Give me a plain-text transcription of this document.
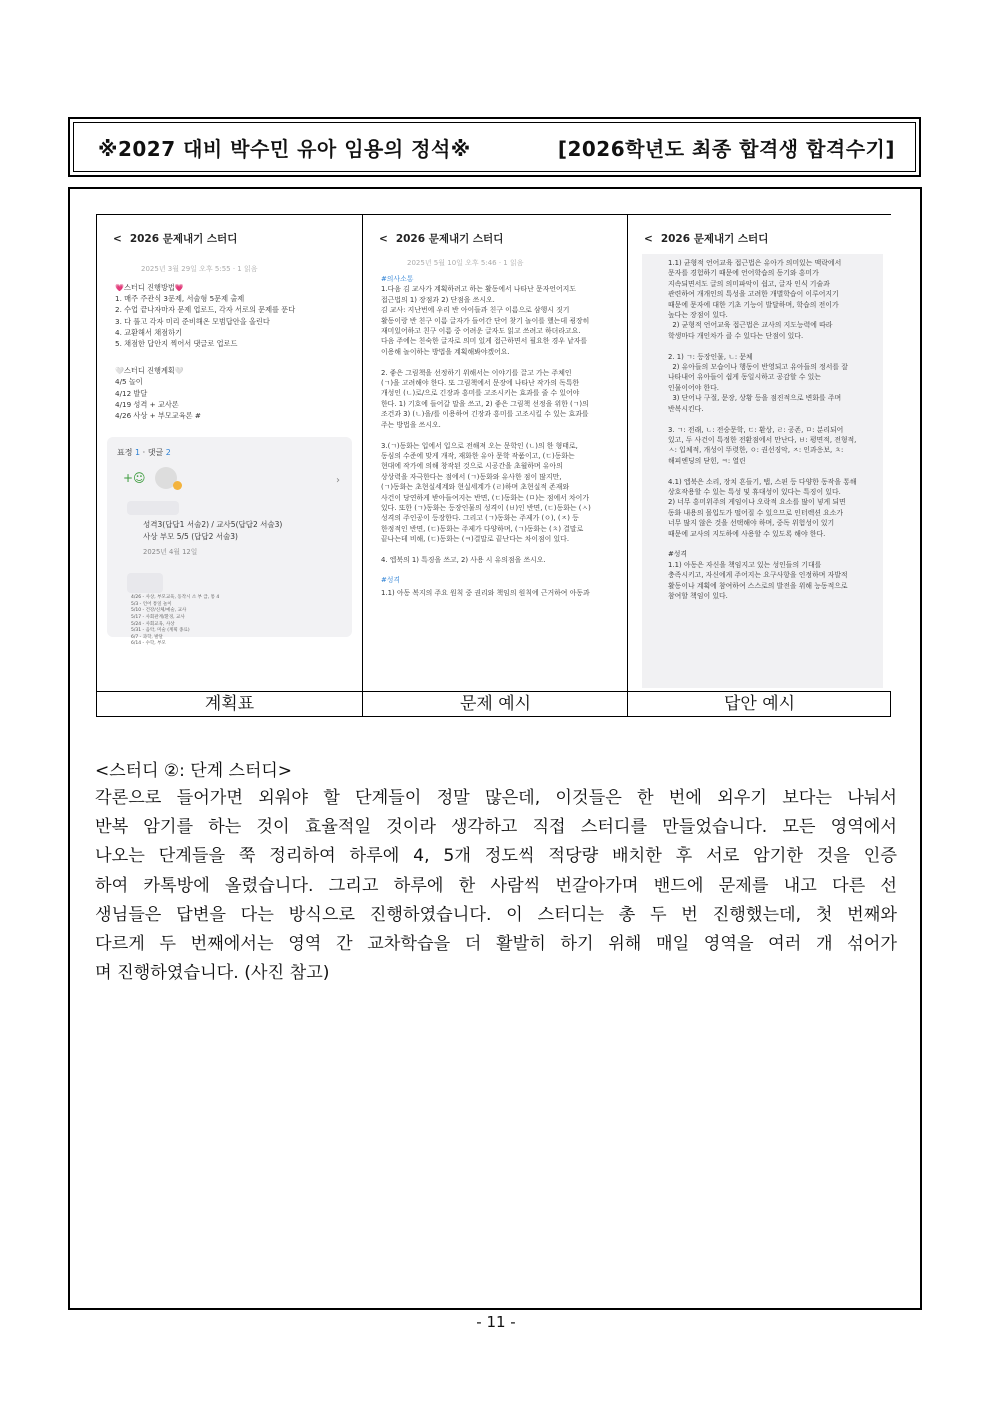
※2027 대비 박수민 유아 임용의 정석※	[2026학년도 최종 합격생 합격수기]
< 2026 문제내기 스터디
2025년 3월 29일 오후 5:55 · 1 읽음
💗스터디 진행방법💗
1. 매주 주관식 3문제, 서술형 5문제 출제
2. 수업 끝나자마자 문제 업로드, 각자 서로의 문제를 푼다
3. 다 풀고 각자 미리 준비해온 모범답안을 올린다
4. 교환해서 채점하기
5. 채점한 답안지 찍어서 댓글로 업로드
🤍스터디 진행계획🤍
4/5 놀이
4/12 발달
4/19 성격 + 교사론
4/26 사상 + 부모교육론 #
표정 1 · 댓글 2
+☺	›
성격3(답답1 서술2) / 교사5(답답2 서술3)
사상 부모 5/5 (답답2 서술3)
2025년 4월 12일
4/26 - 사상, 부모교육, 동작시 소 부 급, 통 4
5/3 - 언어 통일 놀이
5/10 - 건강/신체/예술, 교사
5/17 - 사회관계/환경, 교사
5/24 - 사회교육, 사상
5/31 - 음악, 미술 (계획 종료)
6/7 - 과학, 발달
6/14 - 수학, 부모
< 2026 문제내기 스터디
2025년 5월 10일 오후 5:46 · 1 읽음
#의사소통
1.다음 김 교사가 계획하려고 하는 활동에서 나타난 문자언어지도
접근법의 1) 장점과 2) 단점을 쓰시오.
김 교사: 지난번에 우리 반 아이들과 친구 이름으로 삼행시 짓기
활동이랑 반 친구 이름 글자가 들어간 단어 찾기 놀이를 했는데 굉장히
재미있어하고 친구 이름 중 어려운 글자도 읽고 쓰려고 하더라고요.
다음 주에는 친숙한 글자로 의미 있게 접근하면서 필요한 경우 낱자를
이용해 놀이하는 방법을 계획해봐야겠어요.

2. 좋은 그림책을 선정하기 위해서는 이야기를 끌고 가는 주체인
(ㄱ)을 고려해야 한다. 또 그림책에서 문장에 나타난 작가의 독특한
개성인 (ㄴ)로/으로 긴장과 흥미를 고조시키는 효과를 줄 수 있어야
한다. 1) 기호에 들어갈 말을 쓰고, 2) 좋은 그림책 선정을 위한 (ㄱ)의
조건과 3) (ㄴ)을/를 이용하여 긴장과 흥미를 고조시킬 수 있는 효과를
주는 방법을 쓰시오.

3.(ㄱ)동화는 입에서 입으로 전해져 오는 문학인 (ㄴ)의 한 형태로,
동심의 수준에 맞게 개작, 재화한 유아 문학 작품이고, (ㄷ)동화는
현대에 작가에 의해 창작된 것으로 시공간을 초월하며 유아의
상상력을 자극한다는 점에서 (ㄱ)동화와 유사한 점이 많지만,
(ㄱ)동화는 초현실세계와 현실세계가 (ㄹ)하며 초현실적 존재와
사건이 당연하게 받아들여지는 반면, (ㄷ)동화는 (ㅁ)는 점에서 차이가
있다. 또한 (ㄱ)동화는 등장인물의 성격이 (ㅂ)인 반면, (ㄷ)동화는 (ㅅ)
성격의 주인공이 등장한다. 그리고 (ㄱ)동화는 주제가 (ㅇ), (ㅈ) 등
한정적인 반면, (ㄷ)동화는 주제가 다양하며, (ㄱ)동화는 (ㅊ) 결말로
끝나는데 비해, (ㄷ)동화는 (ㅋ)결말로 끝난다는 차이점이 있다.

4. 엡북의 1) 특징을 쓰고, 2) 사용 시 유의점을 쓰시오.
#성격
1.1) 아동 복지의 주요 원칙 중 권리와 책임의 원칙에 근거하여 아동과
< 2026 문제내기 스터디
1.1) 균형적 언어교육 접근법은 유아가 의미있는 맥락에서
문자를 경험하기 때문에 언어학습의 동기와 흥미가
지속되면서도 글의 의미파악이 쉽고, 글자 인식 기술과
관련하여 개개인의 특성을 고려한 개별학습이 이루어지기
때문에 문자에 대한 기초 기능이 발달하며, 학습의 전이가
높다는 장점이 있다.
2) 균형적 언어교육 접근법은 교사의 지도능력에 따라
학생마다 개인차가 클 수 있다는 단점이 있다.

2. 1) ㄱ: 등장인물, ㄴ: 문체
2) 유아들의 모습이나 행동이 반영되고 유아들의 정서를 잘
나타내어 유아들이 쉽게 동일시하고 공감할 수 있는
인물이어야 한다.
3) 단어나 구절, 문장, 상황 등을 점진적으로 변화를 주며
반복시킨다.

3. ㄱ: 전래, ㄴ: 전승문학, ㄷ: 환상, ㄹ: 공존, ㅁ: 분리되어
있고, 두 사건이 특정한 전환점에서 만난다, ㅂ: 평면적, 전형적,
ㅅ: 입체적, 개성이 뚜렷한, ㅇ: 권선징악, ㅈ: 인과응보, ㅊ:
해피엔딩의 닫힌, ㅋ: 열린

4.1) 엡북은 소리, 장치 흔들기, 탭, 스핀 등 다양한 동작을 통해
상호작용할 수 있는 특성 및 휴대성이 있다는 특징이 있다.
2) 너무 흥미위주의 게임이나 오락적 요소를 많이 넣게 되면
동화 내용의 몰입도가 떨어질 수 있으므로 인터렉션 요소가
너무 많지 않은 것을 선택해야 하며, 중독 위험성이 있기
때문에 교사의 지도하에 사용할 수 있도록 해야 한다.

#성격
1.1) 아동은 자신을 책임지고 있는 성인들의 기대를
충족시키고, 자신에게 주어지는 요구사항을 인정하며 자발적
활동이나 계획에 참여하여 스스로의 발전을 위해 능동적으로
참여할 책임이 있다.
계획표	문제 예시	답안 예시
<스터디 ②: 단계 스터디>

각론으로 들어가면 외워야 할 단계들이 정말 많은데, 이것들은 한 번에 외우기 보다는 나눠서

반복 암기를 하는 것이 효율적일 것이라 생각하고 직접 스터디를 만들었습니다. 모든 영역에서

나오는 단계들을 쭉 정리하여 하루에 4, 5개 정도씩 적당량 배치한 후 서로 암기한 것을 인증

하여 카톡방에 올렸습니다. 그리고 하루에 한 사람씩 번갈아가며 밴드에 문제를 내고 다른 선

생님들은 답변을 다는 방식으로 진행하였습니다. 이 스터디는 총 두 번 진행했는데, 첫 번째와

다르게 두 번째에서는 영역 간 교차학습을 더 활발히 하기 위해 매일 영역을 여러 개 섞어가

며 진행하였습니다. (사진 참고)

- 11 -
